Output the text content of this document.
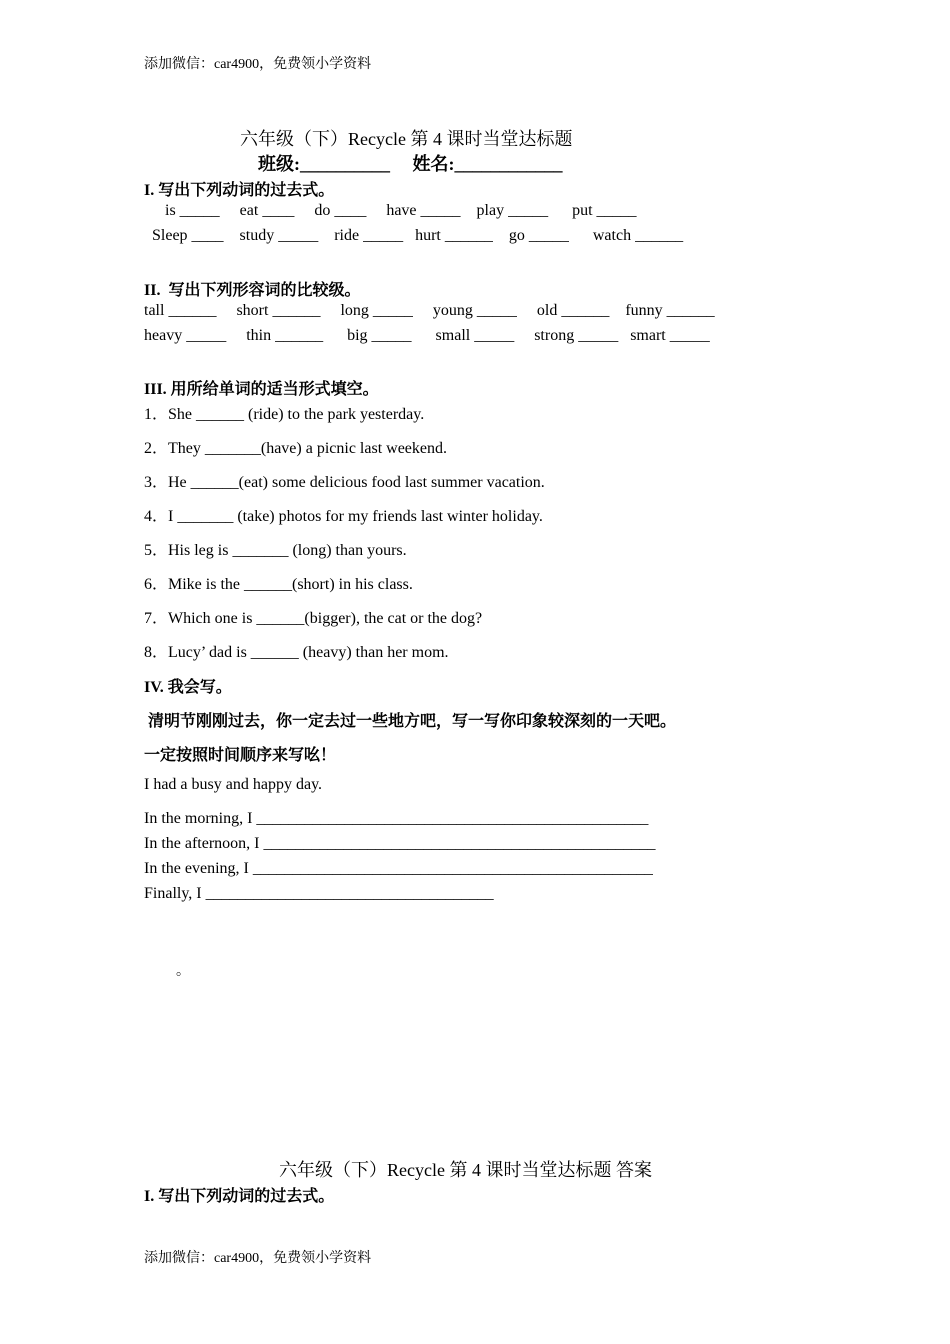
添加微信：car4900，免费领小学资料
六年级（下）Recycle 第 4 课时当堂达标题
班级:__________     姓名:____________
I. 写出下列动词的过去式。
is _____     eat ____     do ____     have _____    play _____      put _____
Sleep ____    study _____    ride _____   hurt ______    go _____      watch ______
II.  写出下列形容词的比较级。
tall ______     short ______     long _____     young _____     old ______    funny ______
heavy _____     thin ______      big _____      small _____     strong _____   smart _____
III. 用所给单词的适当形式填空。
1．She ______ (ride) to the park yesterday.
2．They _______(have) a picnic last weekend.
3．He ______(eat) some delicious food last summer vacation.
4．I _______ (take) photos for my friends last winter holiday.
5．His leg is _______ (long) than yours.
6．Mike is the ______(short) in his class.
7．Which one is ______(bigger), the cat or the dog?
8．Lucy’ dad is ______ (heavy) than her mom.
IV. 我会写。
清明节刚刚过去，你一定去过一些地方吧，写一写你印象较深刻的一天吧。
一定按照时间顺序来写吆！
I had a busy and happy day.
In the morning, I _________________________________________________
In the afternoon, I _________________________________________________
In the evening, I __________________________________________________
Finally, I ____________________________________
。
六年级（下）Recycle 第 4 课时当堂达标题 答案
I. 写出下列动词的过去式。
添加微信：car4900，免费领小学资料
